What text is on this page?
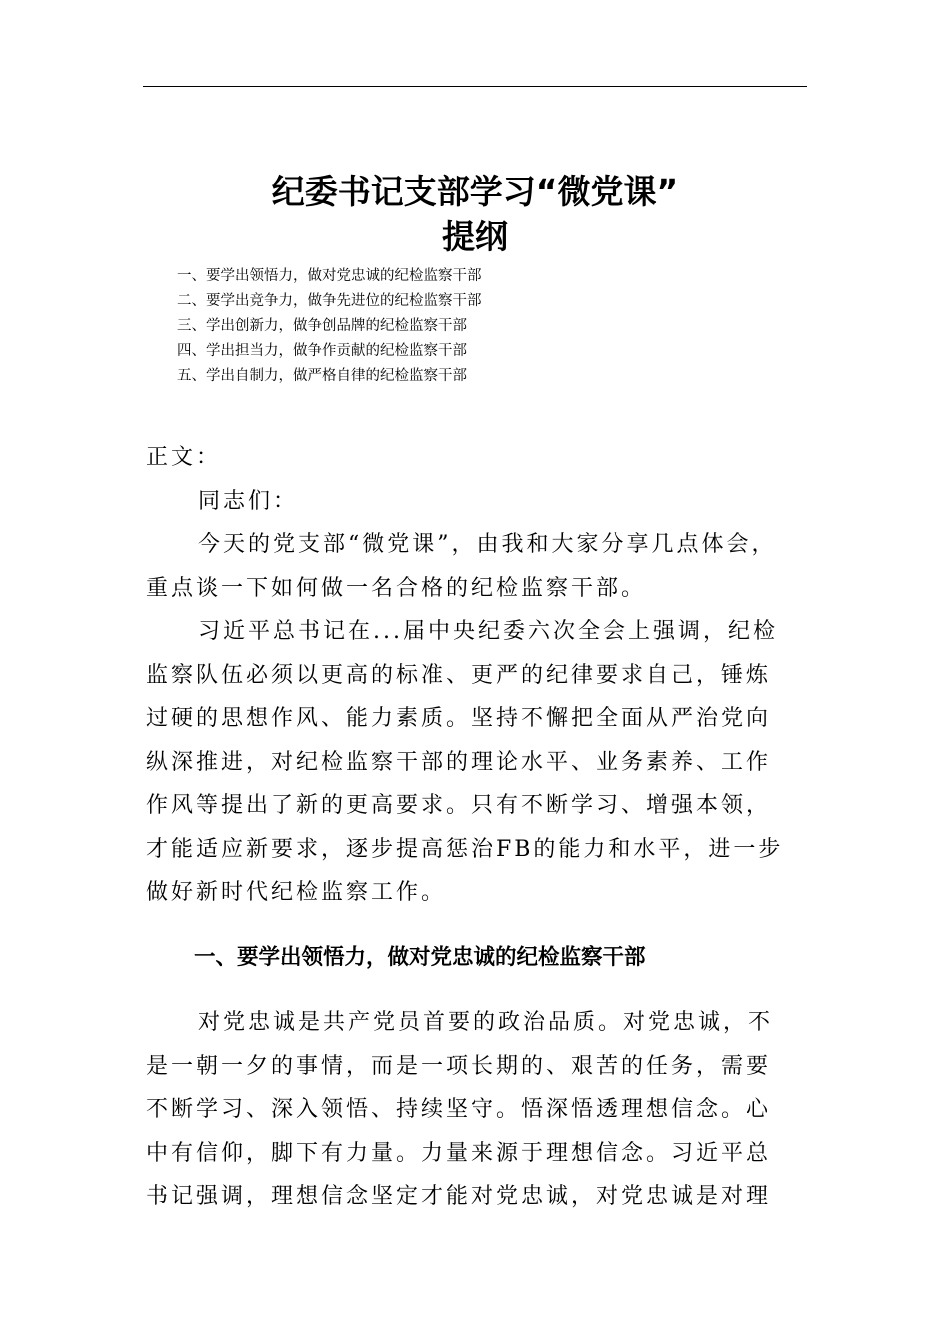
纪委书记支部学习“微党课”
提纲
一、要学出领悟力，做对党忠诚的纪检监察干部
二、要学出竞争力，做争先进位的纪检监察干部
三、学出创新力，做争创品牌的纪检监察干部
四、学出担当力，做争作贡献的纪检监察干部
五、学出自制力，做严格自律的纪检监察干部

正文：

同志们：

今天的党支部“微党课”，由我和大家分享几点体会，
重点谈一下如何做一名合格的纪检监察干部。

习近平总书记在...届中央纪委六次全会上强调，纪检
监察队伍必须以更高的标准、更严的纪律要求自己，锤炼
过硬的思想作风、能力素质。坚持不懈把全面从严治党向
纵深推进，对纪检监察干部的理论水平、业务素养、工作
作风等提出了新的更高要求。只有不断学习、增强本领，
才能适应新要求，逐步提高惩治FB的能力和水平，进一步
做好新时代纪检监察工作。

一、要学出领悟力，做对党忠诚的纪检监察干部

对党忠诚是共产党员首要的政治品质。对党忠诚，不
是一朝一夕的事情，而是一项长期的、艰苦的任务，需要
不断学习、深入领悟、持续坚守。悟深悟透理想信念。心
中有信仰，脚下有力量。力量来源于理想信念。习近平总
书记强调，理想信念坚定才能对党忠诚，对党忠诚是对理
